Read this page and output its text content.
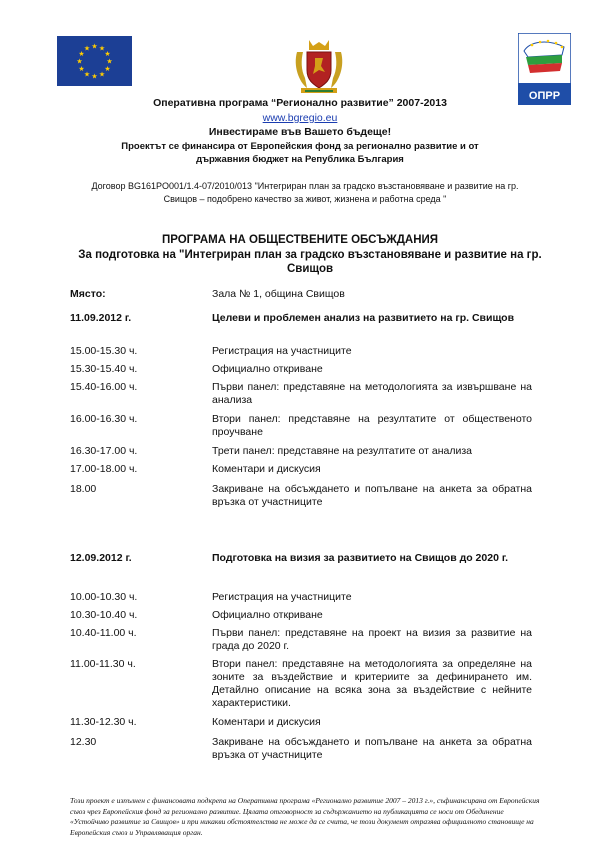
★ ★
★
★
★
★
★
★
★
★
★
★
ОПРР
Оперативна програма “Регионално развитие” 2007-2013
www.bgregio.eu
Инвестираме във Вашето бъдеще!
Проектът се финансира от Европейския фонд за регионално развитие и от държавния бюджет на Република България
Договор BG161PO001/1.4-07/2010/013 "Интегриран план за градско възстановяване и развитие на гр. Свищов – подобрено качество за живот, жизнена и работна среда "
ПРОГРАМА НА ОБЩЕСТВЕНИТЕ ОБСЪЖДАНИЯ
За подготовка на "Интегриран план за градско възстановяване и развитие на гр. Свищов
Място:	Зала № 1, община Свищов
11.09.2012 г.	Целеви и проблемен анализ на развитието на гр. Свищов
15.00-15.30 ч.	Регистрация на участниците
15.30-15.40 ч.	Официално откриване
15.40-16.00 ч.	Първи панел: представяне на методологията за извършване на анализа
16.00-16.30 ч.	Втори панел: представяне на резултатите от общественото проучване
16.30-17.00 ч.	Трети панел: представяне на резултатите от анализа
17.00-18.00 ч.	Коментари и дискусия
18.00	Закриване на обсъждането и попълване на анкета за обратна връзка от участниците
12.09.2012 г.	Подготовка на визия за развитието на Свищов до 2020 г.
10.00-10.30 ч.	Регистрация на участниците
10.30-10.40 ч.	Официално откриване
10.40-11.00 ч.	Първи панел: представяне на проект на визия за развитие на града до 2020 г.
11.00-11.30 ч.	Втори панел: представяне на методологията за определяне на зоните за въздействие и критериите за дефинирането им. Детайлно описание на всяка зона за въздействие с нейните характеристики.
11.30-12.30 ч.	Коментари и дискусия
12.30	Закриване на обсъждането и попълване на анкета за обратна връзка от участниците
Този проект е изпълнен с финансовата подкрепа на Оперативна програма «Регионално развитие 2007 – 2013 г.», съфинансирана от Европейския съюз чрез Европейския фонд за регионално развитие. Цялата отговорност за съдържанието на публикацията се носи от Обединение «Устойчиво развитие за Свищов» и при никакви обстоятелства не може да се счита, че този документ отразява официалното становище на Европейския съюз и Управляващия орган.
